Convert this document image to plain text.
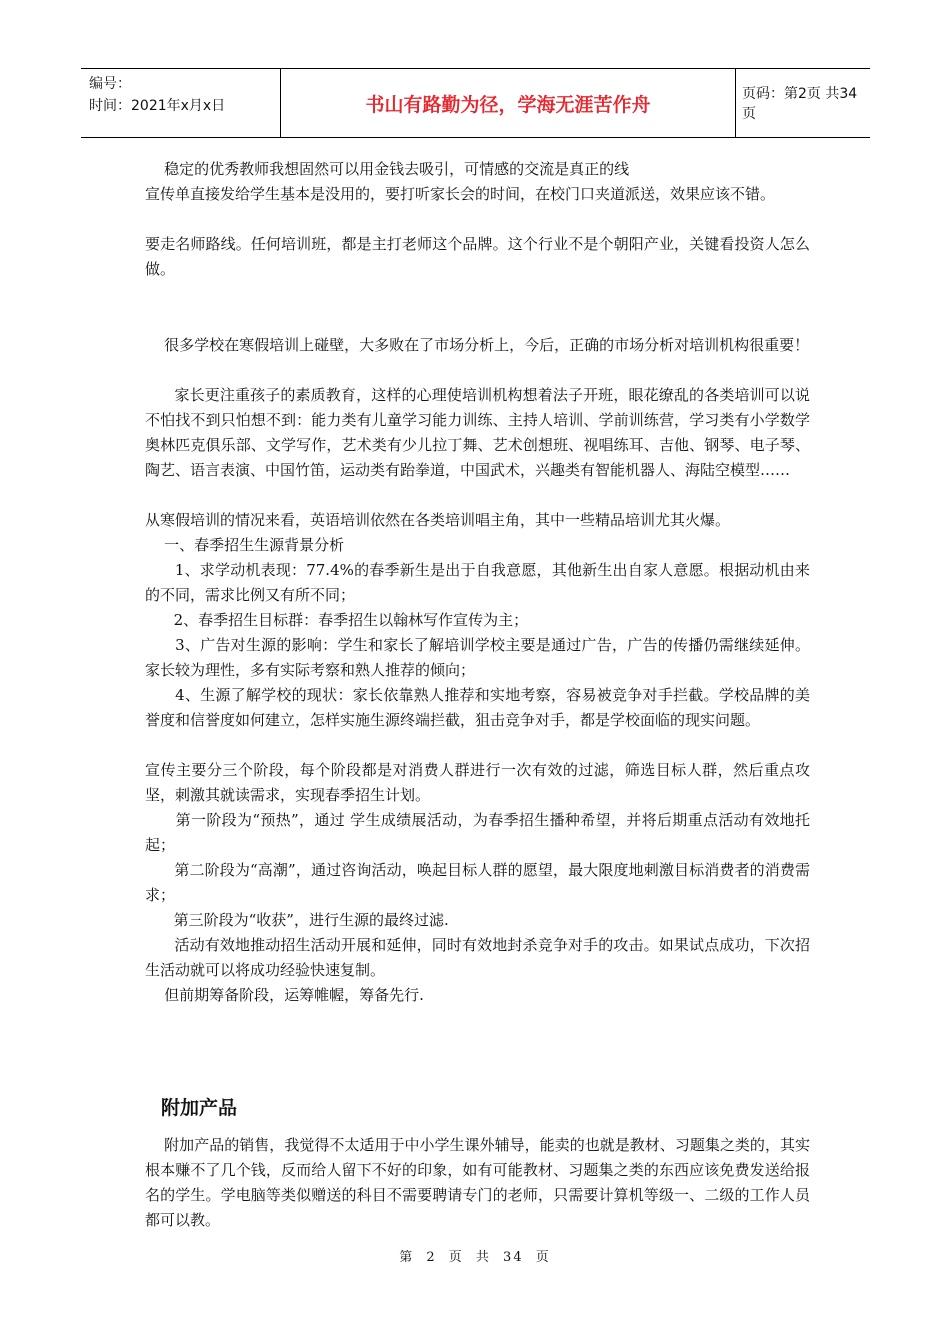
编号：
时间：2021年x月x日	书山有路勤为径，学海无涯苦作舟	页码：第2页 共34页

稳定的优秀教师我想固然可以用金钱去吸引，可情感的交流是真正的线

宣传单直接发给学生基本是没用的，要打听家长会的时间，在校门口夹道派送，效果应该不错。

要走名师路线。任何培训班，都是主打老师这个品牌。这个行业不是个朝阳产业，关键看投资人怎么做。

很多学校在寒假培训上碰壁，大多败在了市场分析上，今后，正确的市场分析对培训机构很重要！

家长更注重孩子的素质教育，这样的心理使培训机构想着法子开班，眼花缭乱的各类培训可以说不怕找不到只怕想不到：能力类有儿童学习能力训练、主持人培训、学前训练营，学习类有小学数学奥林匹克俱乐部、文学写作，艺术类有少儿拉丁舞、艺术创想班、视唱练耳、吉他、钢琴、电子琴、陶艺、语言表演、中国竹笛，运动类有跆拳道，中国武术，兴趣类有智能机器人、海陆空模型……

从寒假培训的情况来看，英语培训依然在各类培训唱主角，其中一些精品培训尤其火爆。

一、春季招生生源背景分析

1、求学动机表现：77.4%的春季新生是出于自我意愿，其他新生出自家人意愿。根据动机由来的不同，需求比例又有所不同；

2、春季招生目标群：春季招生以翰林写作宣传为主；

3、广告对生源的影响：学生和家长了解培训学校主要是通过广告，广告的传播仍需继续延伸。家长较为理性，多有实际考察和熟人推荐的倾向；

4、生源了解学校的现状：家长依靠熟人推荐和实地考察，容易被竞争对手拦截。学校品牌的美誉度和信誉度如何建立，怎样实施生源终端拦截，狙击竞争对手，都是学校面临的现实问题。

宣传主要分三个阶段，每个阶段都是对消费人群进行一次有效的过滤，筛选目标人群，然后重点攻坚，刺激其就读需求，实现春季招生计划。

第一阶段为“预热”，通过 学生成绩展活动，为春季招生播种希望，并将后期重点活动有效地托起；

第二阶段为“高潮”，通过咨询活动，唤起目标人群的愿望，最大限度地刺激目标消费者的消费需求；

第三阶段为“收获”，进行生源的最终过滤.

活动有效地推动招生活动开展和延伸，同时有效地封杀竞争对手的攻击。如果试点成功，下次招生活动就可以将成功经验快速复制。

但前期筹备阶段，运筹帷幄，筹备先行.

附加产品

附加产品的销售，我觉得不太适用于中小学生课外辅导，能卖的也就是教材、习题集之类的，其实根本赚不了几个钱，反而给人留下不好的印象，如有可能教材、习题集之类的东西应该免费发送给报名的学生。学电脑等类似赠送的科目不需要聘请专门的老师，只需要计算机等级一、二级的工作人员都可以教。

第 2 页 共 34 页
